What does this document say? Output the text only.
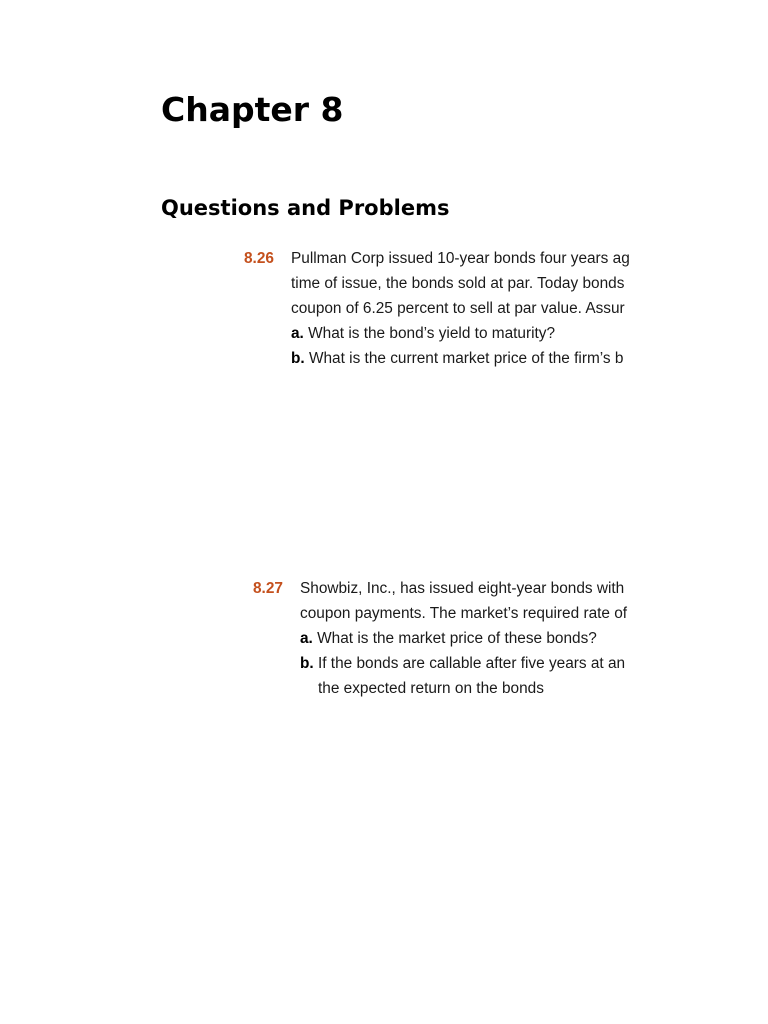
Chapter 8
Questions and Problems
8.26 Pullman Corp issued 10-year bonds four years ag
time of issue, the bonds sold at par. Today bonds
coupon of 6.25 percent to sell at par value. Assur
a. What is the bond’s yield to maturity?
b. What is the current market price of the firm’s b
8.27 Showbiz, Inc., has issued eight-year bonds with
coupon payments. The market’s required rate of
a. What is the market price of these bonds?
b. If the bonds are callable after five years at an
the expected return on the bonds
